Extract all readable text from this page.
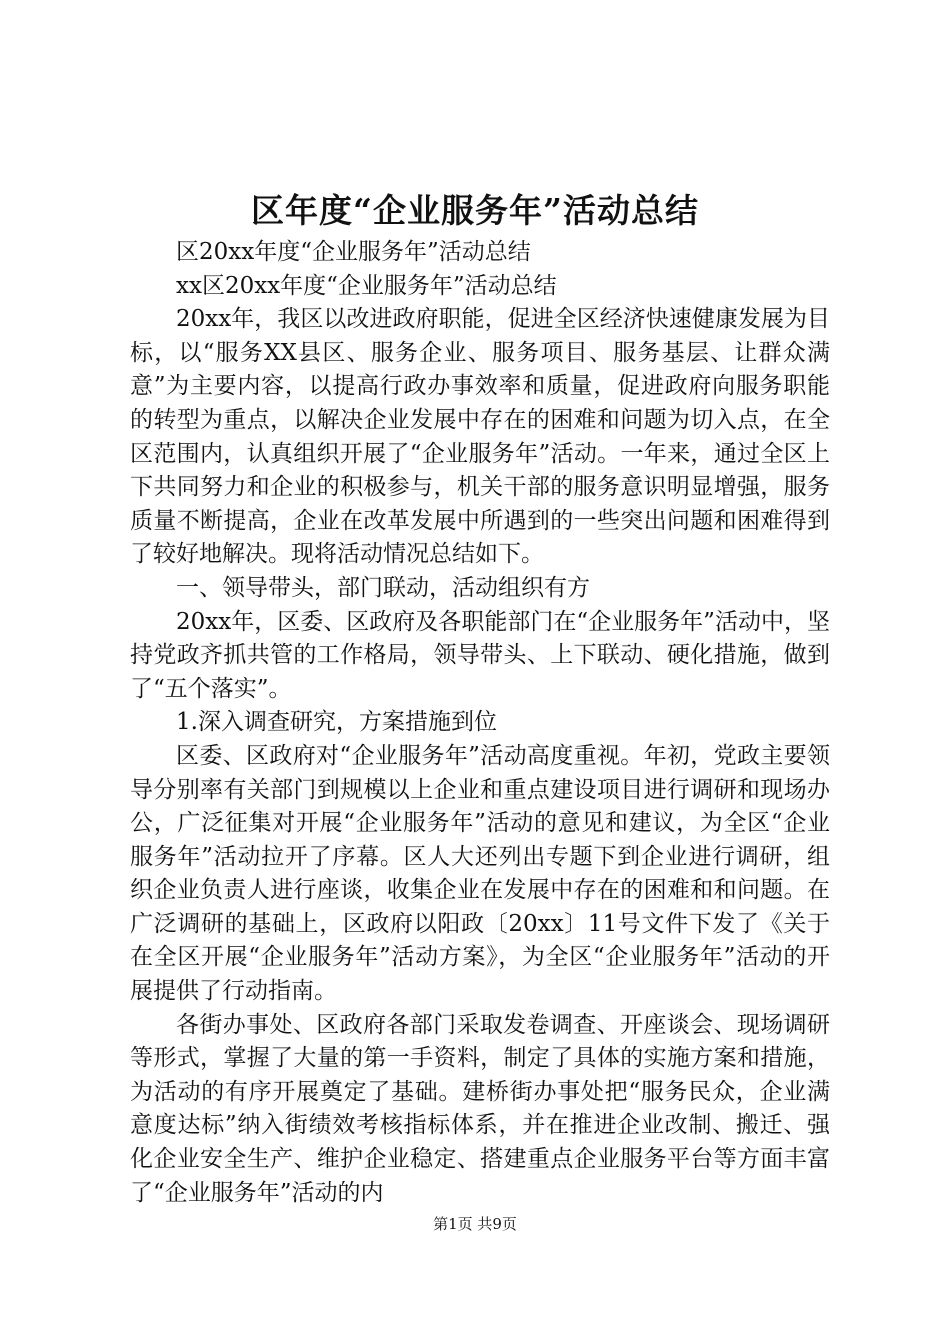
区年度“企业服务年”活动总结

区20xx年度“企业服务年”活动总结

xx区20xx年度“企业服务年”活动总结

20xx年，我区以改进政府职能，促进全区经济快速健康发展为目标，以“服务XX县区、服务企业、服务项目、服务基层、让群众满意”为主要内容，以提高行政办事效率和质量，促进政府向服务职能的转型为重点，以解决企业发展中存在的困难和问题为切入点，在全区范围内，认真组织开展了“企业服务年”活动。一年来，通过全区上下共同努力和企业的积极参与，机关干部的服务意识明显增强，服务质量不断提高，企业在改革发展中所遇到的一些突出问题和困难得到了较好地解决。现将活动情况总结如下。

一、领导带头，部门联动，活动组织有方

20xx年，区委、区政府及各职能部门在“企业服务年”活动中，坚持党政齐抓共管的工作格局，领导带头、上下联动、硬化措施，做到了“五个落实”。

1.深入调查研究，方案措施到位

区委、区政府对“企业服务年”活动高度重视。年初，党政主要领导分别率有关部门到规模以上企业和重点建设项目进行调研和现场办公，广泛征集对开展“企业服务年”活动的意见和建议，为全区“企业服务年”活动拉开了序幕。区人大还列出专题下到企业进行调研，组织企业负责人进行座谈，收集企业在发展中存在的困难和和问题。在广泛调研的基础上，区政府以阳政〔20xx〕11号文件下发了《关于在全区开展“企业服务年”活动方案》，为全区“企业服务年”活动的开展提供了行动指南。

各街办事处、区政府各部门采取发卷调查、开座谈会、现场调研等形式，掌握了大量的第一手资料，制定了具体的实施方案和措施，为活动的有序开展奠定了基础。建桥街办事处把“服务民众，企业满意度达标”纳入街绩效考核指标体系，并在推进企业改制、搬迁、强化企业安全生产、维护企业稳定、搭建重点企业服务平台等方面丰富了“企业服务年”活动的内

第1页 共9页
